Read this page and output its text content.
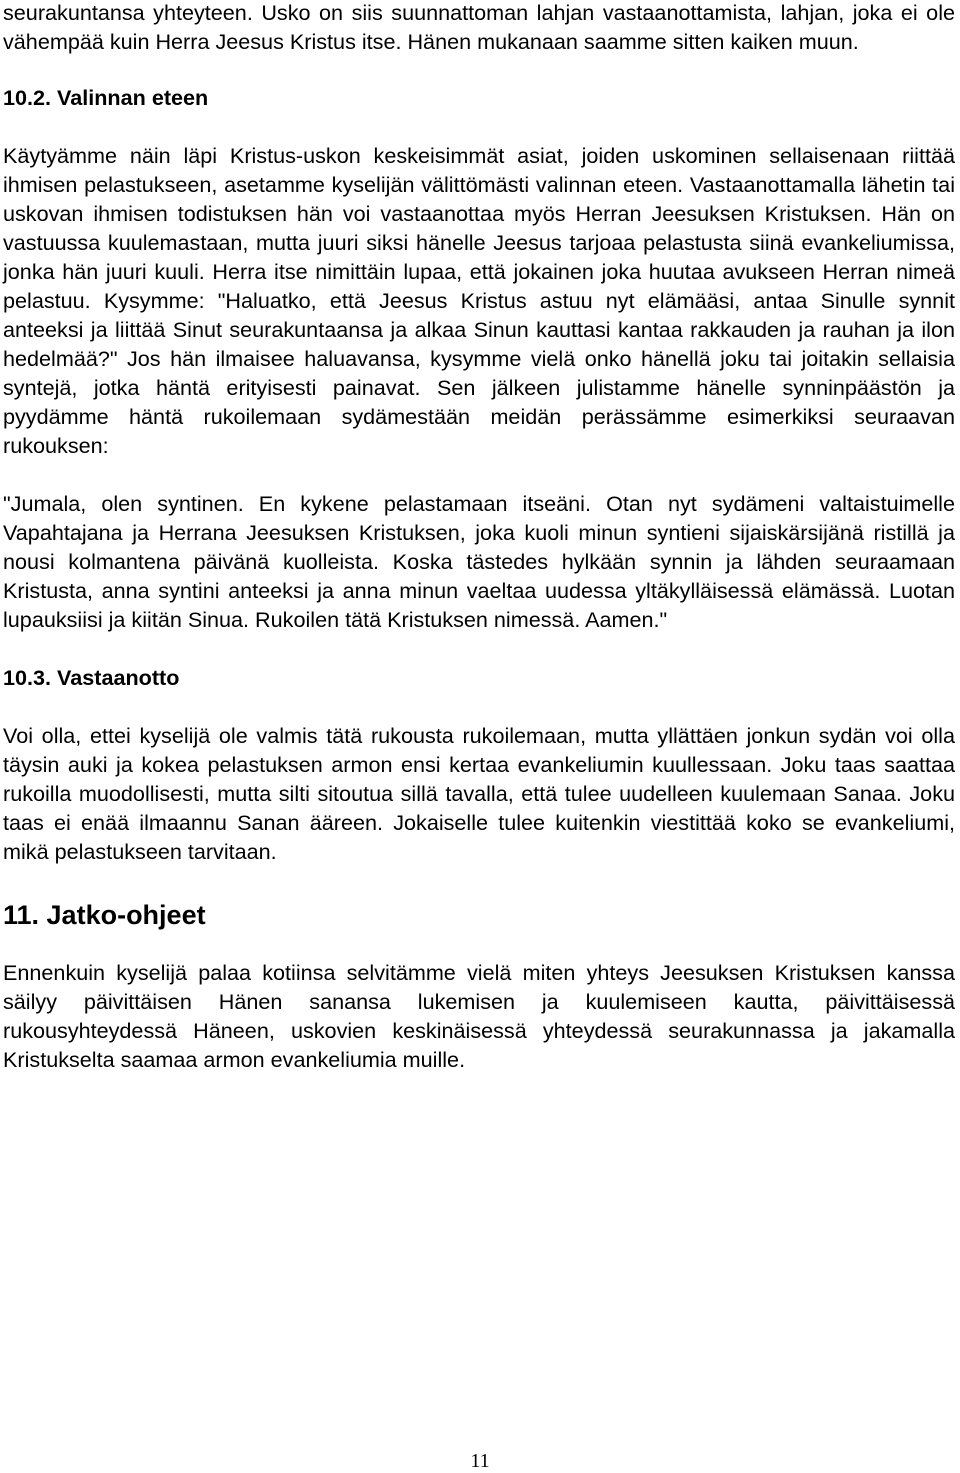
seurakuntansa yhteyteen. Usko on siis suunnattoman lahjan vastaanottamista, lahjan, joka ei ole vähempää kuin Herra Jeesus Kristus itse. Hänen mukanaan saamme sitten kaiken muun.

10.2. Valinnan eteen

Käytyämme näin läpi Kristus-uskon keskeisimmät asiat, joiden uskominen sellaisenaan riittää ihmisen pelastukseen, asetamme kyselijän välittömästi valinnan eteen. Vastaanottamalla lähetin tai uskovan ihmisen todistuksen hän voi vastaanottaa myös Herran Jeesuksen Kristuksen. Hän on vastuussa kuulemastaan, mutta juuri siksi hänelle Jeesus tarjoaa pelastusta siinä evankeliumissa, jonka hän juuri kuuli. Herra itse nimittäin lupaa, että jokainen joka huutaa avukseen Herran nimeä pelastuu. Kysymme: "Haluatko, että Jeesus Kristus astuu nyt elämääsi, antaa Sinulle synnit anteeksi ja liittää Sinut seurakuntaansa ja alkaa Sinun kauttasi kantaa rakkauden ja rauhan ja ilon hedelmää?" Jos hän ilmaisee haluavansa, kysymme vielä onko hänellä joku tai joitakin sellaisia syntejä, jotka häntä erityisesti painavat. Sen jälkeen julistamme hänelle synninpäästön ja pyydämme häntä rukoilemaan sydämestään meidän perässämme esimerkiksi seuraavan rukouksen:

"Jumala, olen syntinen. En kykene pelastamaan itseäni. Otan nyt sydämeni valtaistuimelle Vapahtajana ja Herrana Jeesuksen Kristuksen, joka kuoli minun syntieni sijaiskärsijänä ristillä ja nousi kolmantena päivänä kuolleista. Koska tästedes hylkään synnin ja lähden seuraamaan Kristusta, anna syntini anteeksi ja anna minun vaeltaa uudessa yltäkylläisessä elämässä. Luotan lupauksiisi ja kiitän Sinua. Rukoilen tätä Kristuksen nimessä. Aamen."

10.3. Vastaanotto

Voi olla, ettei kyselijä ole valmis tätä rukousta rukoilemaan, mutta yllättäen jonkun sydän voi olla täysin auki ja kokea pelastuksen armon ensi kertaa evankeliumin kuullessaan. Joku taas saattaa rukoilla muodollisesti, mutta silti sitoutua sillä tavalla, että tulee uudelleen kuulemaan Sanaa. Joku taas ei enää ilmaannu Sanan ääreen. Jokaiselle tulee kuitenkin viestittää koko se evankeliumi, mikä pelastukseen tarvitaan.

11. Jatko-ohjeet

Ennenkuin kyselijä palaa kotiinsa selvitämme vielä miten yhteys Jeesuksen Kristuksen kanssa säilyy päivittäisen Hänen sanansa lukemisen ja kuulemiseen kautta, päivittäisessä rukousyhteydessä Häneen, uskovien keskinäisessä yhteydessä seurakunnassa ja jakamalla Kristukselta saamaa armon evankeliumia muille.

11
